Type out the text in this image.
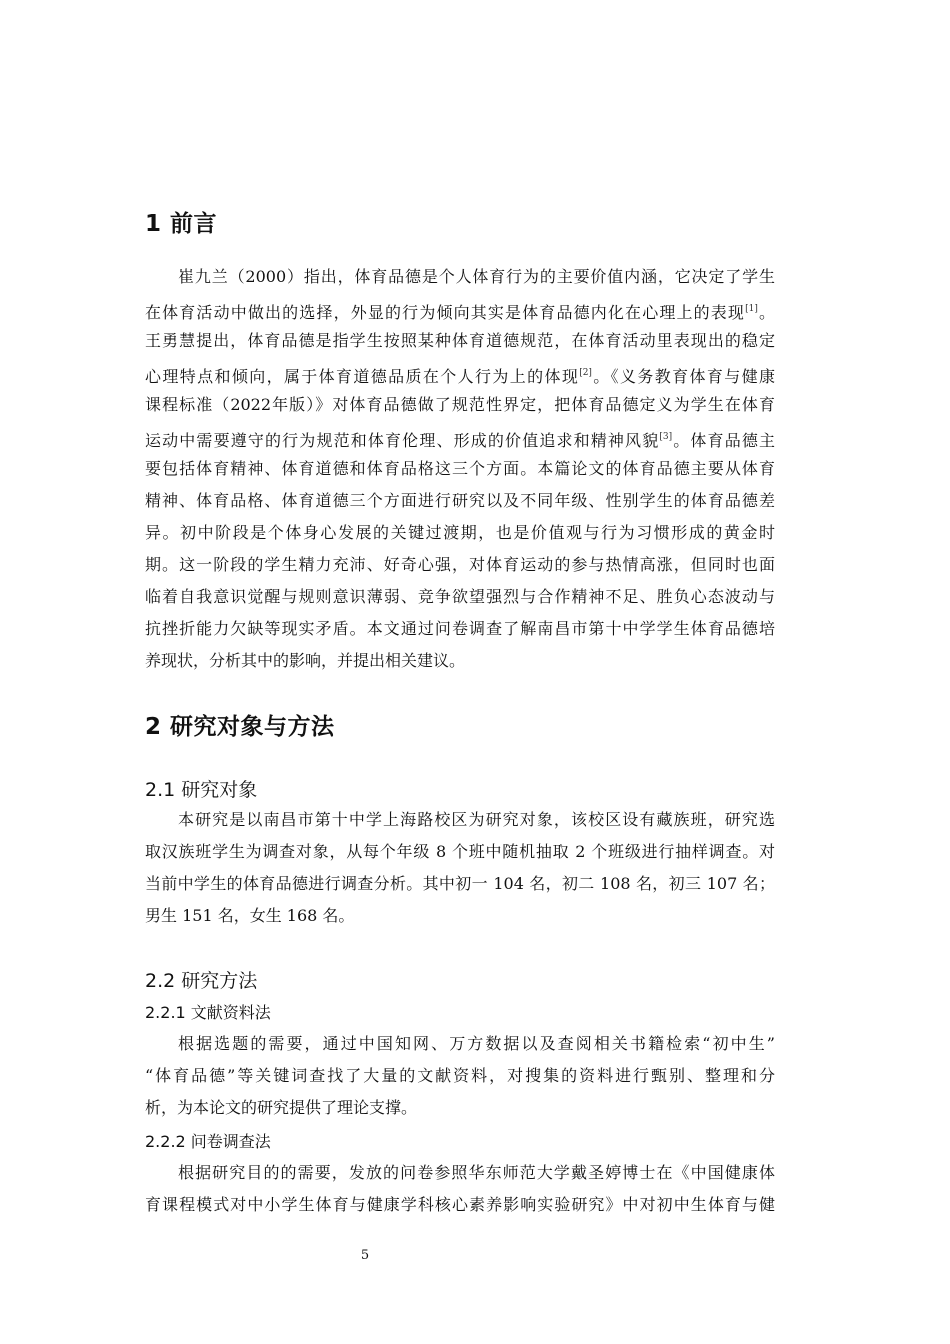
1 前言
崔九兰（2000）指出，体育品德是个人体育行为的主要价值内涵，它决定了学生
在体育活动中做出的选择，外显的行为倾向其实是体育品德内化在心理上的表现[1]。
王勇慧提出，体育品德是指学生按照某种体育道德规范，在体育活动里表现出的稳定
心理特点和倾向，属于体育道德品质在个人行为上的体现[2]。《义务教育体育与健康
课程标准（2022年版）》对体育品德做了规范性界定，把体育品德定义为学生在体育
运动中需要遵守的行为规范和体育伦理、形成的价值追求和精神风貌[3]。体育品德主
要包括体育精神、体育道德和体育品格这三个方面。本篇论文的体育品德主要从体育
精神、体育品格、体育道德三个方面进行研究以及不同年级、性别学生的体育品德差
异。初中阶段是个体身心发展的关键过渡期，也是价值观与行为习惯形成的黄金时
期。这一阶段的学生精力充沛、好奇心强，对体育运动的参与热情高涨，但同时也面
临着自我意识觉醒与规则意识薄弱、竞争欲望强烈与合作精神不足、胜负心态波动与
抗挫折能力欠缺等现实矛盾。本文通过问卷调查了解南昌市第十中学学生体育品德培
养现状，分析其中的影响，并提出相关建议。
2 研究对象与方法
2.1 研究对象
本研究是以南昌市第十中学上海路校区为研究对象，该校区设有藏族班，研究选
取汉族班学生为调查对象，从每个年级 8 个班中随机抽取 2 个班级进行抽样调查。对
当前中学生的体育品德进行调查分析。其中初一 104 名，初二 108 名，初三 107 名；
男生 151 名，女生 168 名。
2.2 研究方法
2.2.1 文献资料法
根据选题的需要，通过中国知网、万方数据以及查阅相关书籍检索“初中生”
“体育品德”等关键词查找了大量的文献资料，对搜集的资料进行甄别、整理和分
析，为本论文的研究提供了理论支撑。
2.2.2 问卷调查法
根据研究目的的需要，发放的问卷参照华东师范大学戴圣婷博士在《中国健康体
育课程模式对中小学生体育与健康学科核心素养影响实验研究》中对初中生体育与健
5
